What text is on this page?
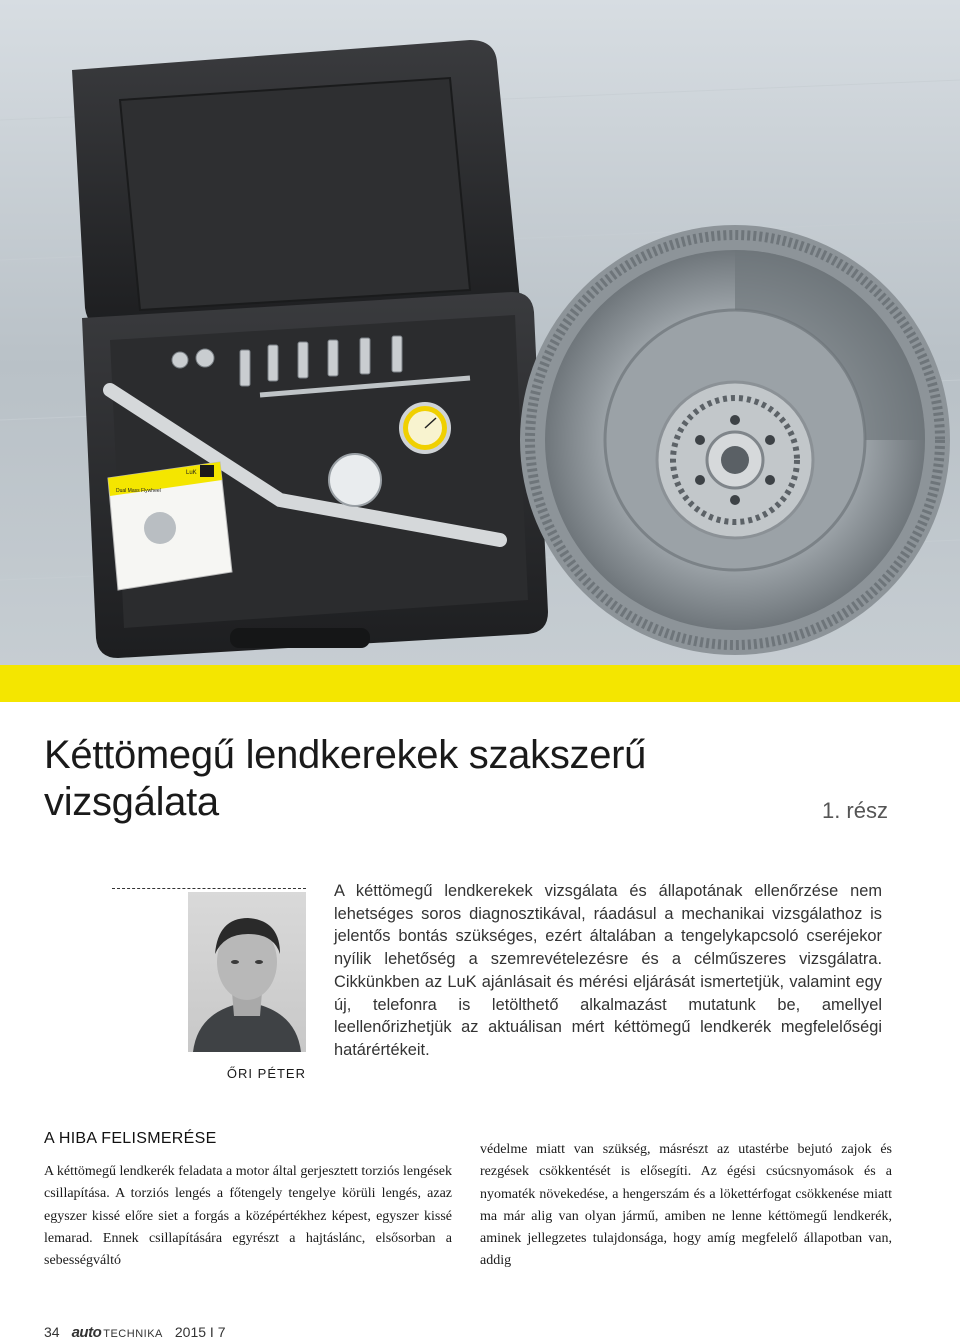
LuK
Dual Mass Flywheel
Kéttömegű lendkerekek szakszerű vizsgálata	1. rész
ŐRI PÉTER

A kéttömegű lendkerekek vizsgálata és állapotának ellenőrzése nem lehetséges soros diagnosztikával, ráadásul a mechanikai vizsgálathoz is jelentős bontás szükséges, ezért általában a tengelykapcsoló cseréjekor nyílik lehetőség a szemrevételezésre és a célműszeres vizsgálatra. Cikkünkben az LuK ajánlásait és mérési eljárását ismertetjük, valamint egy új, telefonra is letölthető alkalmazást mutatunk be, amellyel leellenőrizhetjük az aktuálisan mért kéttömegű lendkerék megfelelőségi határértékeit.

A HIBA FELISMERÉSE

A kéttömegű lendkerék feladata a motor által gerjesztett torziós lengések csillapítása. A torziós lengés a főtengely tengelye körüli lengés, azaz egyszer kissé előre siet a forgás a középértékhez képest, egyszer kissé lemarad. Ennek csillapítására egyrészt a hajtáslánc, elsősorban a sebességváltó

védelme miatt van szükség, másrészt az utastérbe bejutó zajok és rezgések csökkentését is elősegíti. Az égési csúcsnyomások és a nyomaték növekedése, a hengerszám és a lökettérfogat csökkenése miatt ma már alig van olyan jármű, amiben ne lenne kéttömegű lendkerék, aminek jellegzetes tulajdonsága, hogy amíg megfelelő állapotban van, addig

34 auto TECHNIKA 2015 I 7
